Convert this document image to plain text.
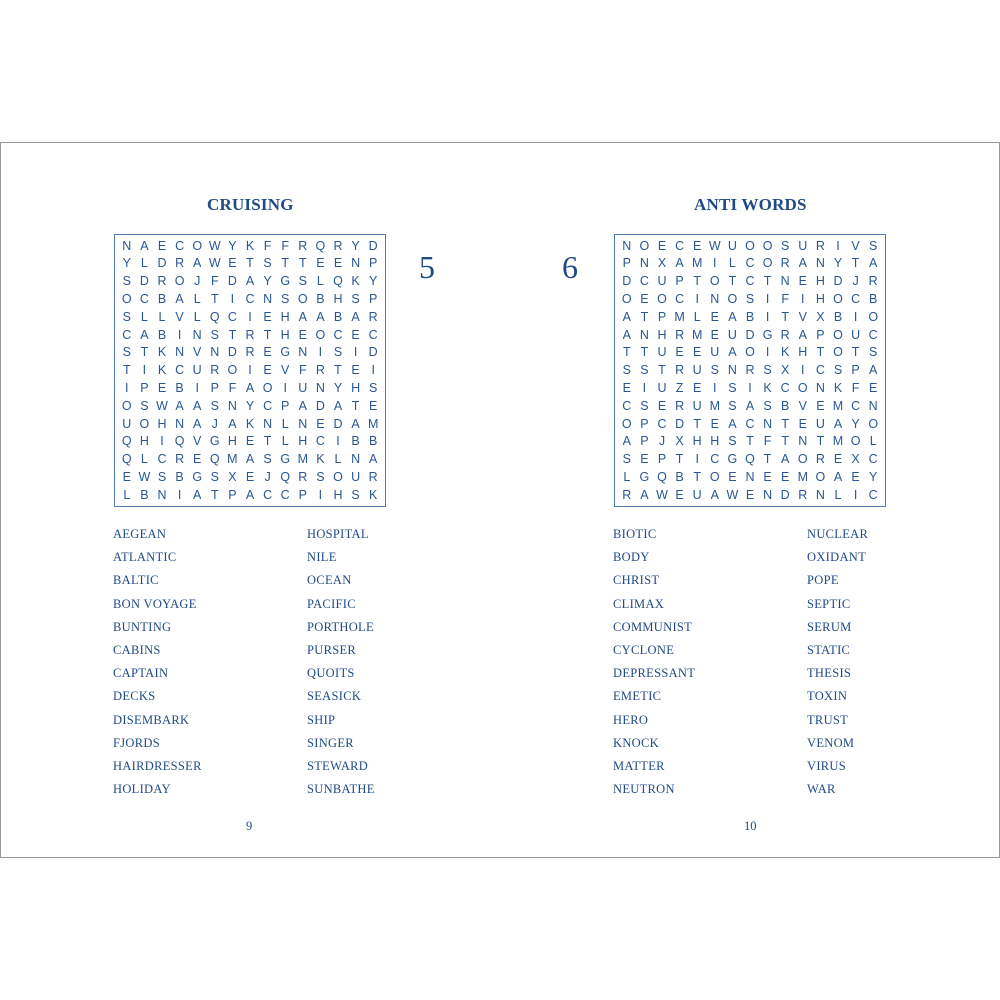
CRUISING
5
N A E C O W Y K F F R Q R Y D
Y L D R A W E T S T T E E N P
S D R O J F D A Y G S L Q K Y
O C B A L T I C N S O B H S P
S L L V L Q C I E H A A B A R
C A B I N S T R T H E O C E C
S T K N V N D R E G N I S I D
T I K C U R O I E V F R T E I
I P E B I P F A O I U N Y H S
O S W A A S N Y C P A D A T E
U O H N A J A K N L N E D A M
Q H I Q V G H E T L H C I B B
Q L C R E Q M A S G M K L N A
E W S B G S X E J Q R S O U R
L B N I A T P A C C P I H S K
AEGEAN
ATLANTIC
BALTIC
BON VOYAGE
BUNTING
CABINS
CAPTAIN
DECKS
DISEMBARK
FJORDS
HAIRDRESSER
HOLIDAY
HOSPITAL
NILE
OCEAN
PACIFIC
PORTHOLE
PURSER
QUOITS
SEASICK
SHIP
SINGER
STEWARD
SUNBATHE
9
ANTI WORDS
6
N O E C E W U O O S U R I V S
P N X A M I L C O R A N Y T A
D C U P T O T C T N E H D J R
O E O C I N O S I F I H O C B
A T P M L E A B I T V X B I O
A N H R M E U D G R A P O U C
T T U E E U A O I K H T O T S
S S T R U S N R S X I C S P A
E I U Z E I S I K C O N K F E
C S E R U M S A S B V E M C N
O P C D T E A C N T E U A Y O
A P J X H H S T F T N T M O L
S E P T I C G Q T A O R E X C
L G Q B T O E N E E M O A E Y
R A W E U A W E N D R N L I C
BIOTIC
BODY
CHRIST
CLIMAX
COMMUNIST
CYCLONE
DEPRESSANT
EMETIC
HERO
KNOCK
MATTER
NEUTRON
NUCLEAR
OXIDANT
POPE
SEPTIC
SERUM
STATIC
THESIS
TOXIN
TRUST
VENOM
VIRUS
WAR
10
